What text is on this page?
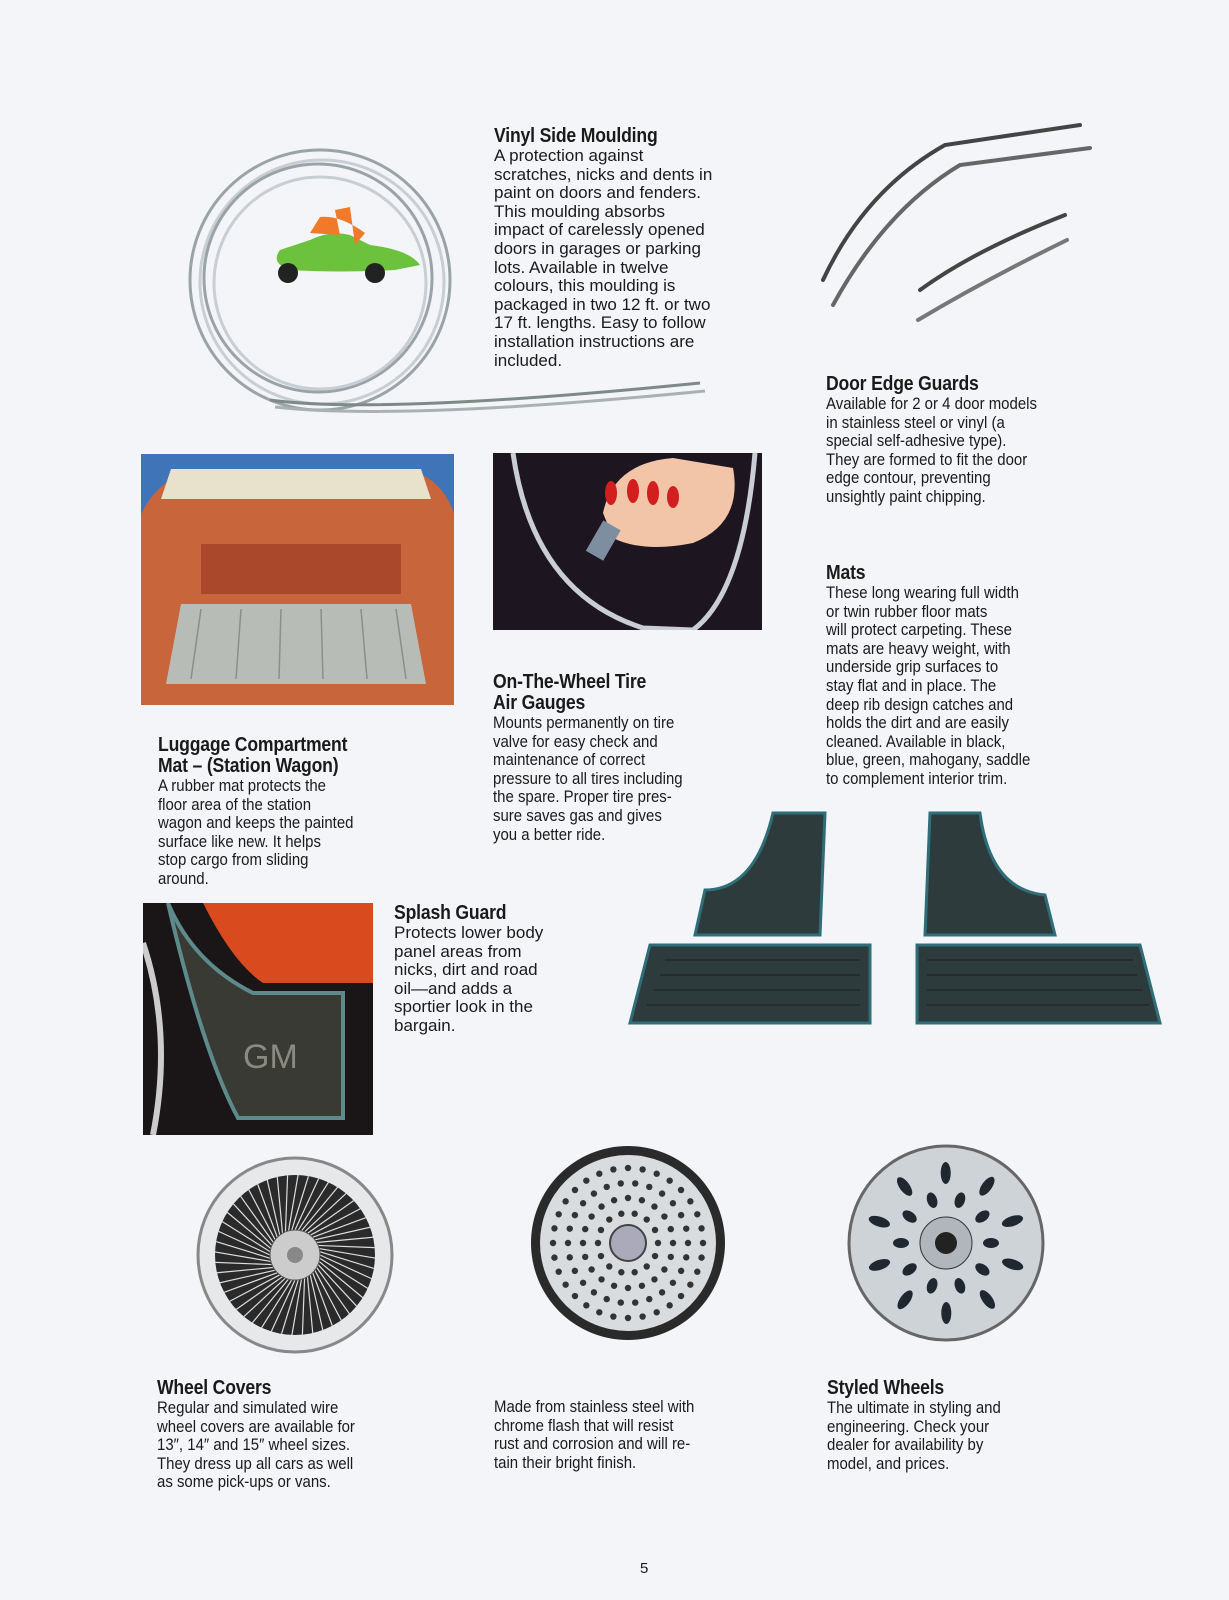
Vinyl Side Moulding
A protection against
scratches, nicks and dents in
paint on doors and fenders.
This moulding absorbs
impact of carelessly opened
doors in garages or parking
lots. Available in twelve
colours, this moulding is
packaged in two 12 ft. or two
17 ft. lengths. Easy to follow
installation instructions are
included.
Door Edge Guards
Available for 2 or 4 door models
in stainless steel or vinyl (a
special self-adhesive type).
They are formed to fit the door
edge contour, preventing
unsightly paint chipping.
Luggage Compartment
Mat – (Station Wagon)
A rubber mat protects the
floor area of the station
wagon and keeps the painted
surface like new. It helps
stop cargo from sliding
around.
On-The-Wheel Tire
Air Gauges
Mounts permanently on tire
valve for easy check and
maintenance of correct
pressure to all tires including
the spare. Proper tire pres-
sure saves gas and gives
you a better ride.
Mats
These long wearing full width
or twin rubber floor mats
will protect carpeting. These
mats are heavy weight, with
underside grip surfaces to
stay flat and in place. The
deep rib design catches and
holds the dirt and are easily
cleaned. Available in black,
blue, green, mahogany, saddle
to complement interior trim.
GM
Splash Guard
Protects lower body
panel areas from
nicks, dirt and road
oil—and adds a
sportier look in the
bargain.
Wheel Covers
Regular and simulated wire
wheel covers are available for
13″, 14″ and 15″ wheel sizes.
They dress up all cars as well
as some pick-ups or vans.
Made from stainless steel with
chrome flash that will resist
rust and corrosion and will re-
tain their bright finish.
Styled Wheels
The ultimate in styling and
engineering. Check your
dealer for availability by
model, and prices.
5
